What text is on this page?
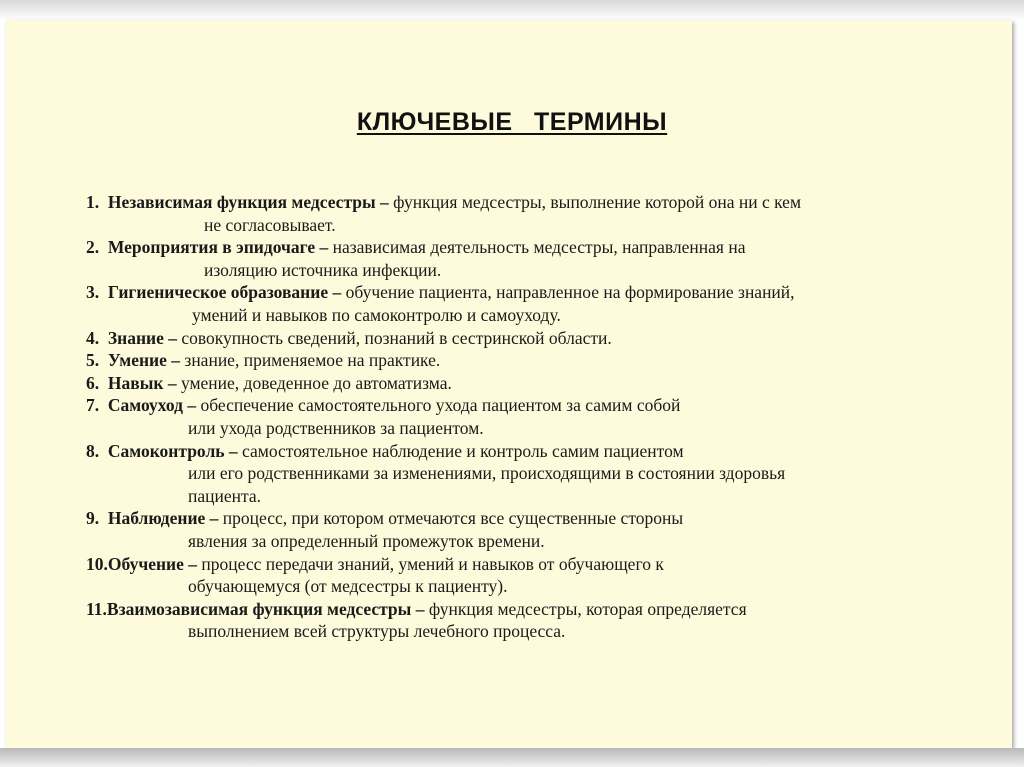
КЛЮЧЕВЫЕ ТЕРМИНЫ
1.  Независимая функция медсестры – функция медсестры, выполнение которой она ни с кем
не согласовывает.
2.  Мероприятия в эпидочаге – назависимая деятельность медсестры, направленная на
изоляцию источника инфекции.
3.  Гигиеническое образование – обучение пациента, направленное на формирование знаний,
умений и навыков по самоконтролю и самоуходу.
4.  Знание – совокупность сведений, познаний в сестринской области.
5.  Умение – знание, применяемое на практике.
6.  Навык – умение, доведенное до автоматизма.
7.  Самоуход – обеспечение самостоятельного ухода пациентом за самим собой
или ухода родственников за пациентом.
8.  Самоконтроль – самостоятельное наблюдение и контроль самим пациентом
или его родственниками за изменениями, происходящими в состоянии здоровья
пациента.
9.  Наблюдение – процесс, при котором отмечаются все существенные стороны
явления за определенный промежуток времени.
10.Обучение – процесс передачи знаний, умений и навыков от обучающего к
обучающемуся (от медсестры к пациенту).
11.Взаимозависимая функция медсестры – функция медсестры, которая определяется
выполнением всей структуры лечебного процесса.
